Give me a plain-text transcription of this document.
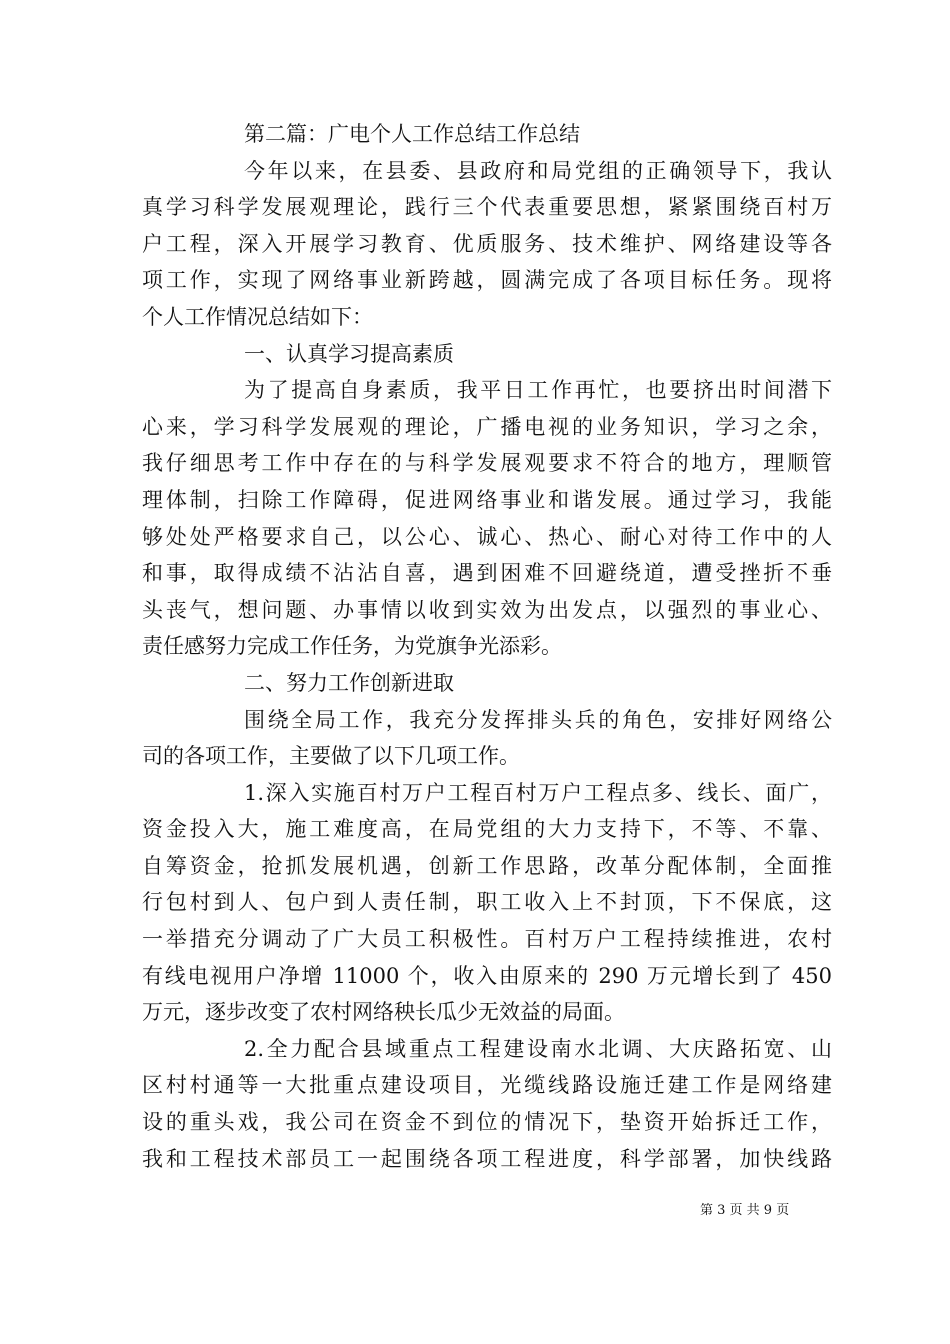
第二篇：广电个人工作总结工作总结
今年以来，在县委、县政府和局党组的正确领导下，我认
真学习科学发展观理论，践行三个代表重要思想，紧紧围绕百村万
户工程，深入开展学习教育、优质服务、技术维护、网络建设等各
项工作，实现了网络事业新跨越，圆满完成了各项目标任务。现将
个人工作情况总结如下：
一、认真学习提高素质
为了提高自身素质，我平日工作再忙，也要挤出时间潜下
心来，学习科学发展观的理论，广播电视的业务知识，学习之余，
我仔细思考工作中存在的与科学发展观要求不符合的地方，理顺管
理体制，扫除工作障碍，促进网络事业和谐发展。通过学习，我能
够处处严格要求自己，以公心、诚心、热心、耐心对待工作中的人
和事，取得成绩不沾沾自喜，遇到困难不回避绕道，遭受挫折不垂
头丧气，想问题、办事情以收到实效为出发点，以强烈的事业心、
责任感努力完成工作任务，为党旗争光添彩。
二、努力工作创新进取
围绕全局工作，我充分发挥排头兵的角色，安排好网络公
司的各项工作，主要做了以下几项工作。
1.深入实施百村万户工程百村万户工程点多、线长、面广，
资金投入大，施工难度高，在局党组的大力支持下，不等、不靠、
自筹资金，抢抓发展机遇，创新工作思路，改革分配体制，全面推
行包村到人、包户到人责任制，职工收入上不封顶，下不保底，这
一举措充分调动了广大员工积极性。百村万户工程持续推进，农村
有线电视用户净增 11000 个，收入由原来的 290 万元增长到了 450
万元，逐步改变了农村网络秧长瓜少无效益的局面。
2.全力配合县域重点工程建设南水北调、大庆路拓宽、山
区村村通等一大批重点建设项目，光缆线路设施迁建工作是网络建
设的重头戏，我公司在资金不到位的情况下，垫资开始拆迁工作，
我和工程技术部员工一起围绕各项工程进度，科学部署，加快线路
第 3 页 共 9 页
